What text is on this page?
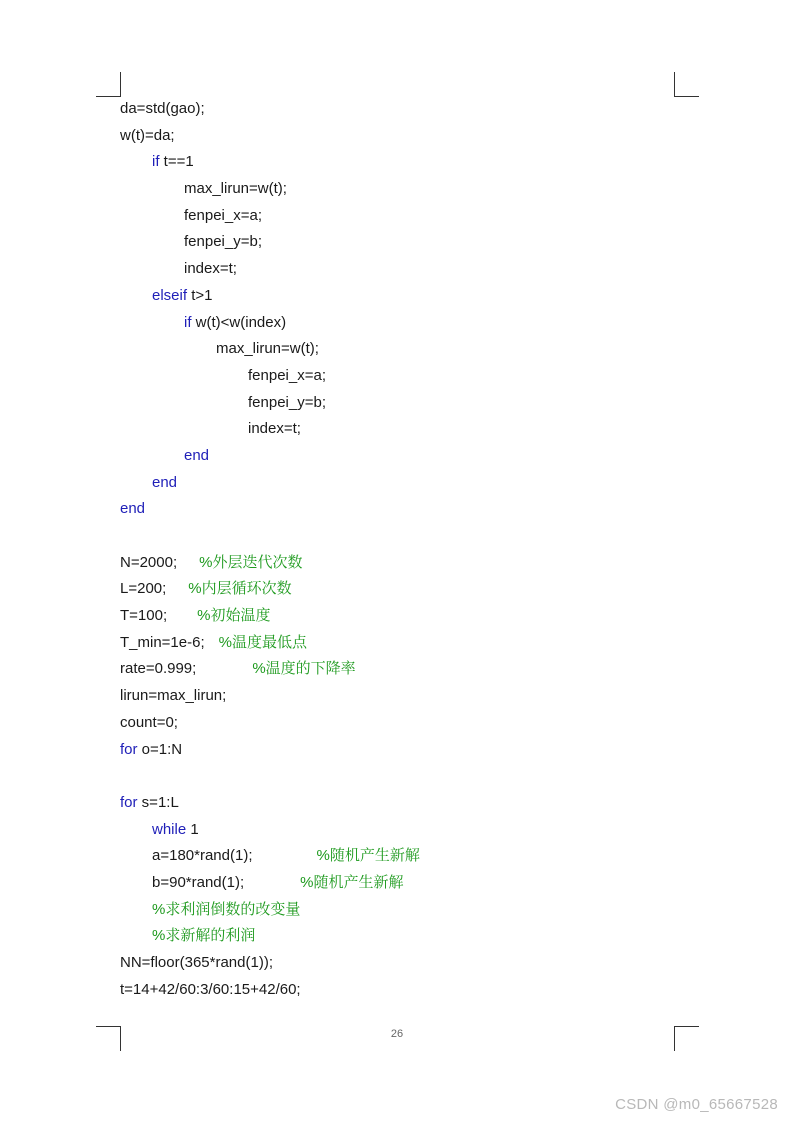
da=std(gao);
w(t)=da;
if t==1
max_lirun=w(t);
fenpei_x=a;
fenpei_y=b;
index=t;
elseif t>1
if w(t)<w(index)
max_lirun=w(t);
fenpei_x=a;
fenpei_y=b;
index=t;
end
end
end
N=2000; %外层迭代次数
L=200; %内层循环次数
T=100; %初始温度
T_min=1e-6; %温度最低点
rate=0.999;	%温度的下降率
lirun=max_lirun;
count=0;
for o=1:N
for s=1:L
while 1
a=180*rand(1);	%随机产生新解
b=90*rand(1);	%随机产生新解
%求利润倒数的改变量
%求新解的利润
NN=floor(365*rand(1));
t=14+42/60:3/60:15+42/60;
26
CSDN @m0_65667528
